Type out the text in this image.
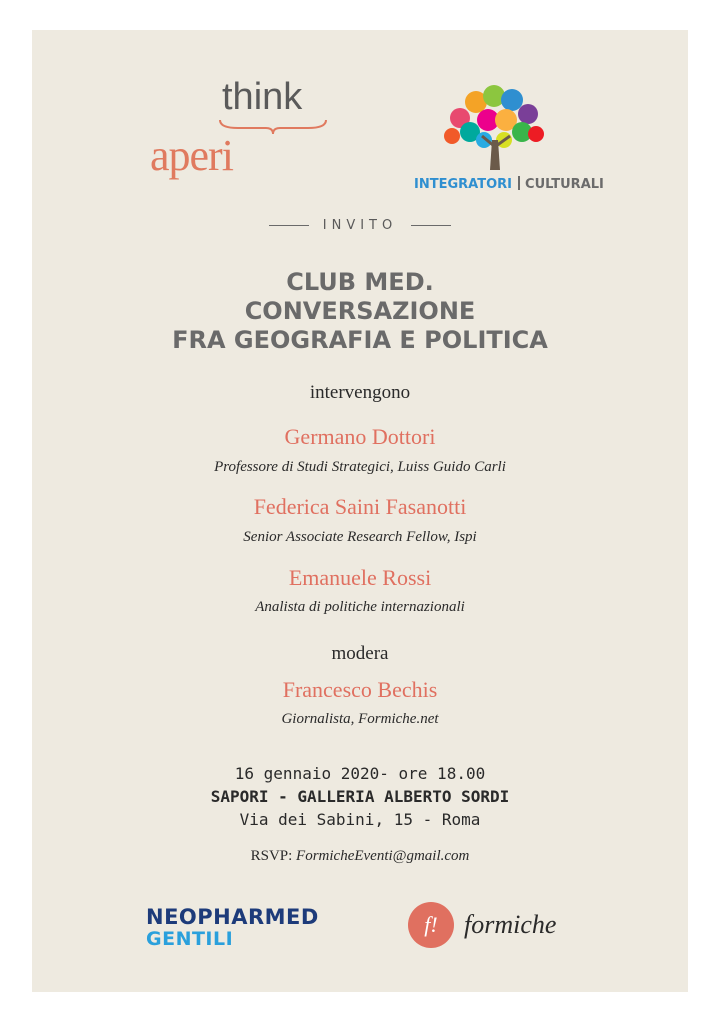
think
aperi
INTEGRATORI CULTURALI
INVITO
CLUB MED.
CONVERSAZIONE
FRA GEOGRAFIA E POLITICA
intervengono
Germano Dottori
Professore di Studi Strategici, Luiss Guido Carli
Federica Saini Fasanotti
Senior Associate Research Fellow, Ispi
Emanuele Rossi
Analista di politiche internazionali
modera
Francesco Bechis
Giornalista, Formiche.net
16 gennaio 2020- ore 18.00
SAPORI - GALLERIA ALBERTO SORDI
Via dei Sabini, 15 - Roma
RSVP: FormicheEventi@gmail.com
NEOPHARMED
GENTILI
f!	formiche
